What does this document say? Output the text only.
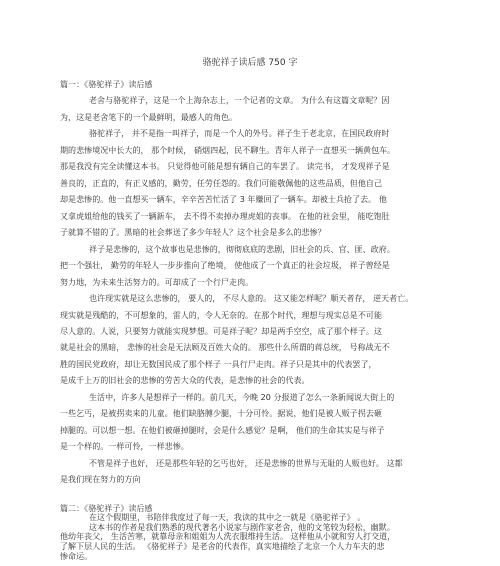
骆驼祥子读后感 750 字
篇一：《骆驼祥子》读后感
老舍与骆驼祥子，这是一个上海杂志上，一个记者的文章。 为什么有这篇文章呢？因
为，这是老舍笔下的一个最鲜明，最感人的角色。
骆驼祥子， 并不是指一叫祥子，而是一个人的外号。祥子生于老北京，在国民政府时
期的悲惨境况中长大的， 那个时候， 硝烟四起，民不聊生。青年人祥子一直想买一辆黄包车。
那是我没有完全读懂这本书。 只觉得他可能是想有辆自己的车罢了。 读完书， 才发现祥子是
善良的，正直的，有正义感的，勤劳，任劳任怨的。我们可能敬佩他的这些品质，但他自己
却是悲惨的。他一直想买一辆车，辛辛苦苦忙活了 3 年赚回了一辆车。却被士兵抢了去。 他
又拿虎姐给他的钱买了一辆新车， 去不得不卖掉办理虎姐的丧事。 在他的社会里， 能吃饱肚
子就算不错的了。黑暗的社会葬送了多少年轻人？这个社会是多么的悲惨？
祥子是悲惨的，这个故事也是悲惨的，彻彻底底的悲剧，旧社会的兵、官、匪、政府。
把一个强壮， 勤劳的年轻人一步步推向了绝境， 使他成了一个真正的社会垃圾， 祥子曾经是
努力地，为未来生活努力的。可却成了一个行尸走肉。
也许现实就是这么悲惨的， 要人的， 不尽人意的。 这又能怎样呢？顺天者存， 逆天者亡。
现实就是残酷的，不可想象的，雷人的，令人无奈的。在那个时代，理想与现实总是不可能
尽人意的。人说，只要努力就能实现梦想。可是祥子呢？却是两手空空，成了那个样子。这
就是社会的黑暗， 悲惨的社会是无法顾及百姓大众的。 那些什么所谓的蒋总统， 号称战无不
胜的国民党政府，却让无数国民成了那个样子 一具行尸走肉。祥子只是其中的代表罢了，
是成千上万的旧社会的悲惨的劳苦大众的代表，是悲惨的社会的代表。
生活中，许多人是想祥子一样的。前几天，今晚 20 分报道了怎么一条新闻说大街上的
一些乞丐，是被拐卖来的儿童。他们缺胳膊少腿，十分可怜。据说，他们是被人贩子拐去砸
掉腿的。可以想一想。在他们被砸掉腿时，会是什么感觉？是啊， 他们的生命其实是与祥子
是一个样的。一样可怜，一样悲惨。
不管是祥子也好， 还是那些年轻的乞丐也好， 还是悲惨的世界与无耻的人贩也好。 这都
是我们现在努力的方向
篇二：《骆驼祥子》读后感
在这个假期里，书陪伴我度过了每一天，我读的其中之一就是《骆驼祥子》 。
这本书的作者是我们熟悉的现代著名小说家与剧作家老舍，他的文笔较为轻松，幽默。
他幼年丧父， 生活苦寒，就靠母亲和姐姐为人洗衣服维持生活。 这样他从小就和穷人打交道，
了解下层人民的生活。 《骆驼祥子》是老舍的代表作，真实地描绘了北京一个人力车夫的悲
惨命运。
